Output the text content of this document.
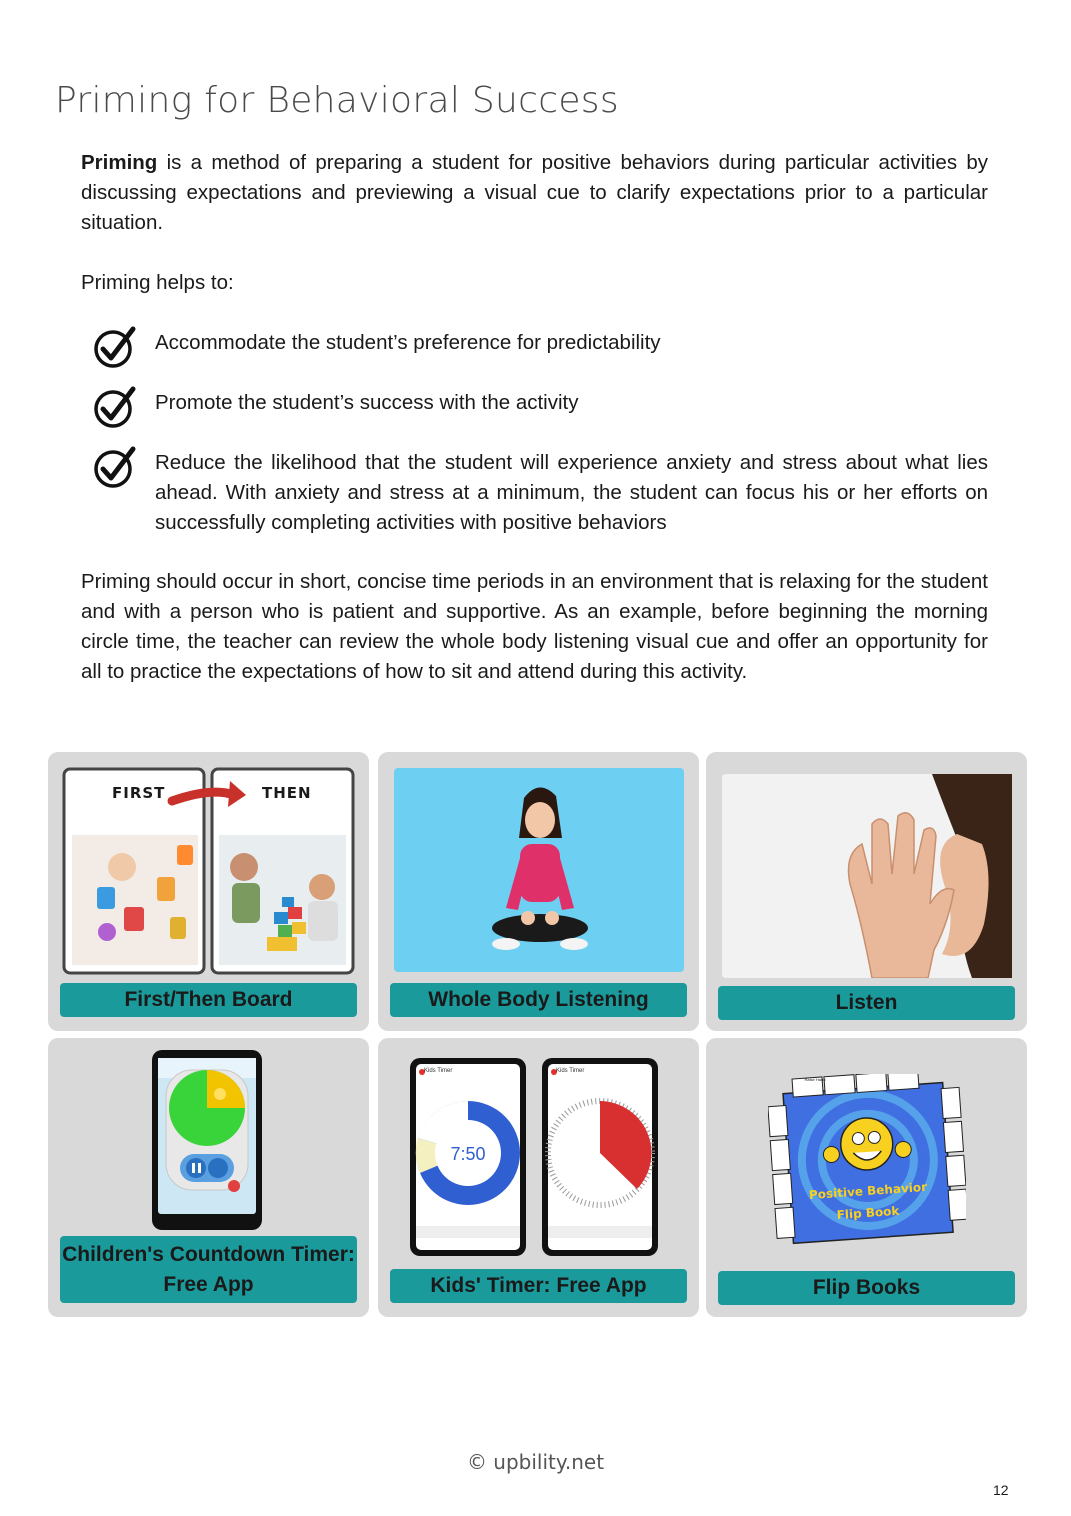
Priming for Behavioral Success

Priming is a method of preparing a student for positive behaviors during particular activities by discussing expectations and previewing a visual cue to clarify expectations prior to a particular situation.

Priming helps to:

Accommodate the student’s preference for predictability
Promote the student’s success with the activity
Reduce the likelihood that the student will experience anxiety and stress about what lies ahead. With anxiety and stress at a minimum, the student can focus his or her efforts on successfully completing activities with positive behaviors

Priming should occur in short, concise time periods in an environment that is relaxing for the student and with a person who is patient and supportive. As an example, before beginning the morning circle time, the teacher can review the whole body listening visual cue and offer an opportunity for all to practice the expectations of how to sit and attend during this activity.

FIRST	THEN
First/Then Board	Whole Body Listening	Listen
Children's Countdown Timer: Free App
Kids Timer	Kids Timer
7:50
Kids' Timer: Free App
Positive Behavior
Flip Book
Raise Hand
Flip Books
© upbility.net
12
